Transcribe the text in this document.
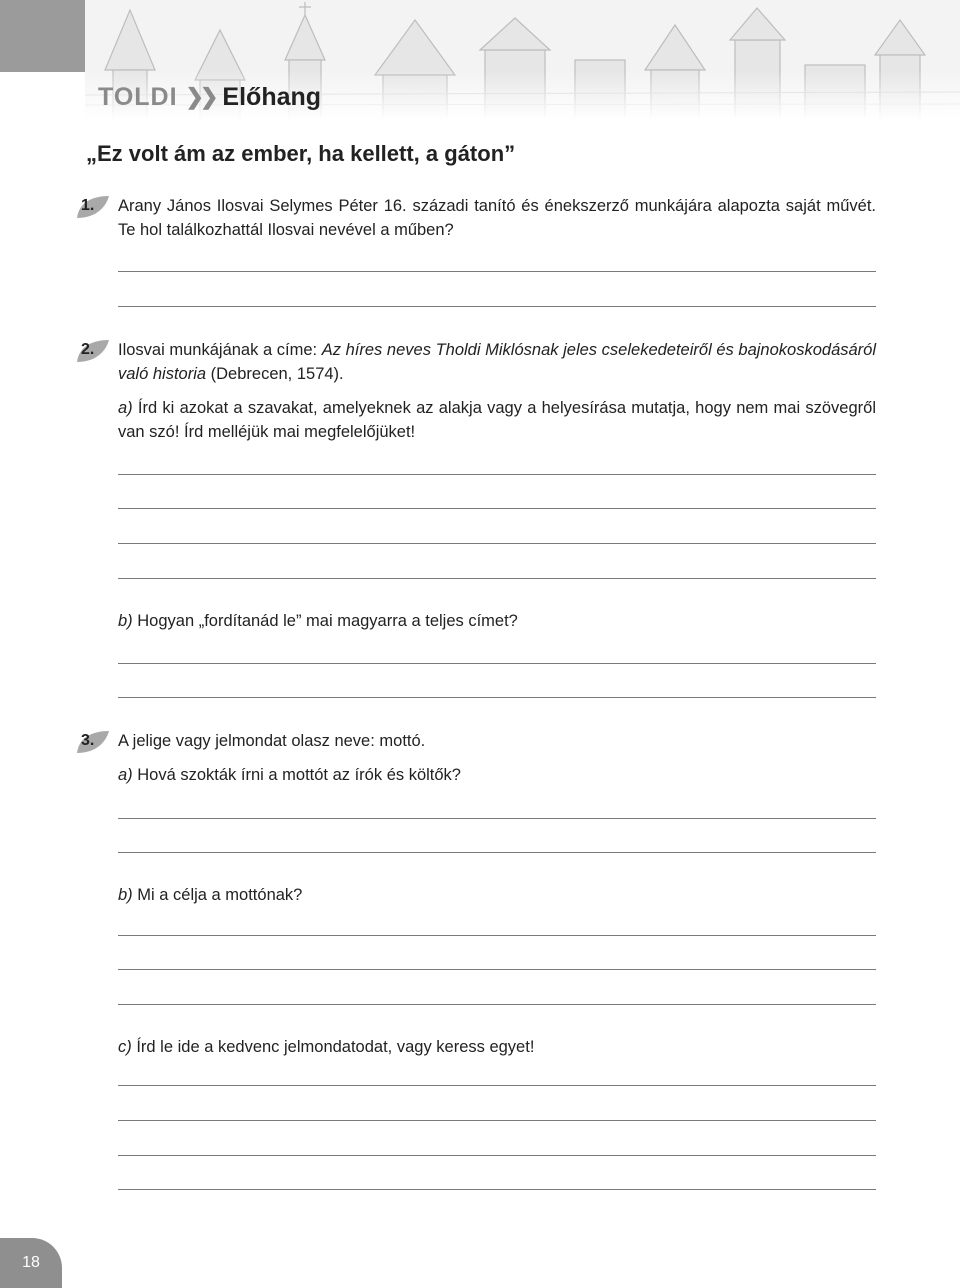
TOLDI ❯❯ Előhang
„Ez volt ám az ember, ha kellett, a gáton”
1. Arany János Ilosvai Selymes Péter 16. századi tanító és énekszerző munkájára alapozta saját művét. Te hol találkozhattál Ilosvai nevével a műben?
2. Ilosvai munkájának a címe: Az híres neves Tholdi Miklósnak jeles cselekedeteiről és bajnokoskodásáról való historia (Debrecen, 1574).
a) Írd ki azokat a szavakat, amelyeknek az alakja vagy a helyesírása mutatja, hogy nem mai szövegről van szó! Írd melléjük mai megfelelőjüket!
b) Hogyan „fordítanád le” mai magyarra a teljes címet?
3. A jelige vagy jelmondat olasz neve: mottó.
a) Hová szokták írni a mottót az írók és költők?
b) Mi a célja a mottónak?
c) Írd le ide a kedvenc jelmondatodat, vagy keress egyet!
18
